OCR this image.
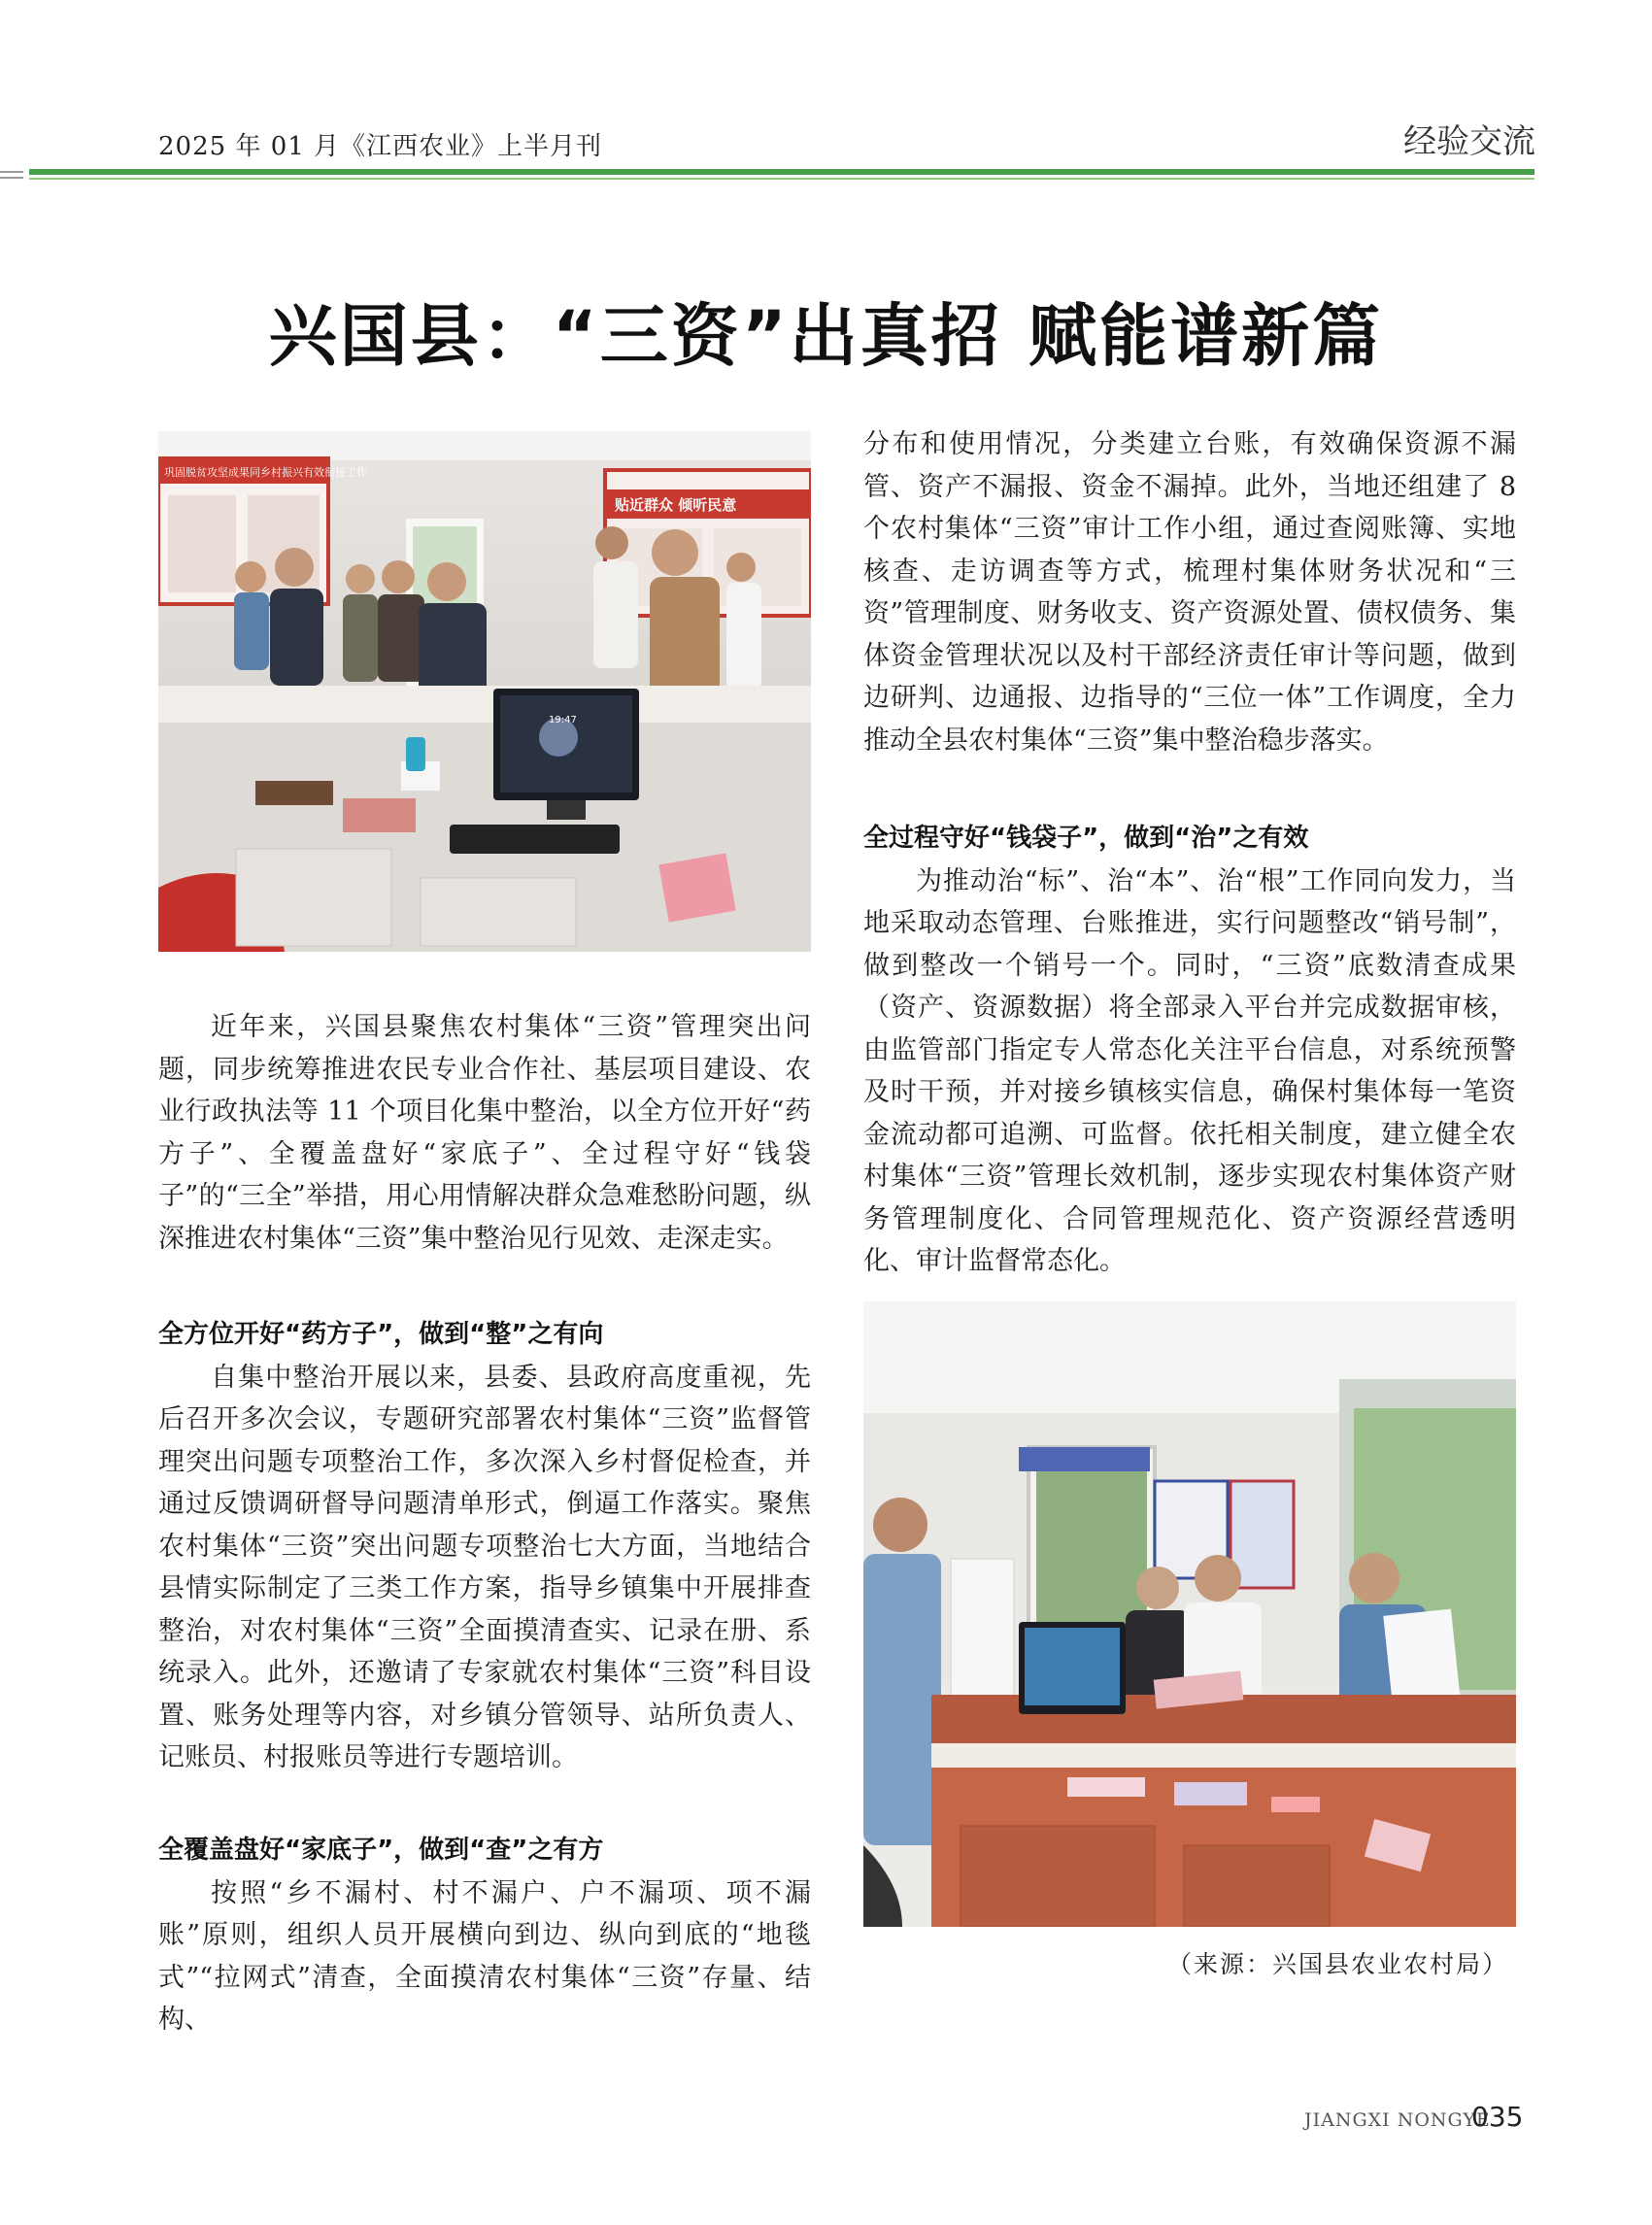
2025 年 01 月《江西农业》上半月刊	经验交流
兴国县：“三资”出真招 赋能谱新篇
巩固脱贫攻坚成果同乡村振兴有效衔接工作
贴近群众 倾听民意
19:47

近年来，兴国县聚焦农村集体“三资”管理突出问题，同步统筹推进农民专业合作社、基层项目建设、农业行政执法等 11 个项目化集中整治，以全方位开好“药方子”、全覆盖盘好“家底子”、全过程守好“钱袋子”的“三全”举措，用心用情解决群众急难愁盼问题，纵深推进农村集体“三资”集中整治见行见效、走深走实。

全方位开好“药方子”，做到“整”之有向

自集中整治开展以来，县委、县政府高度重视，先后召开多次会议，专题研究部署农村集体“三资”监督管理突出问题专项整治工作，多次深入乡村督促检查，并通过反馈调研督导问题清单形式，倒逼工作落实。聚焦农村集体“三资”突出问题专项整治七大方面，当地结合县情实际制定了三类工作方案，指导乡镇集中开展排查整治，对农村集体“三资”全面摸清查实、记录在册、系统录入。此外，还邀请了专家就农村集体“三资”科目设置、账务处理等内容，对乡镇分管领导、站所负责人、记账员、村报账员等进行专题培训。

全覆盖盘好“家底子”，做到“查”之有方

按照“乡不漏村、村不漏户、户不漏项、项不漏账”原则，组织人员开展横向到边、纵向到底的“地毯式”“拉网式”清查，全面摸清农村集体“三资”存量、结构、

分布和使用情况，分类建立台账，有效确保资源不漏管、资产不漏报、资金不漏掉。此外，当地还组建了 8 个农村集体“三资”审计工作小组，通过查阅账簿、实地核查、走访调查等方式，梳理村集体财务状况和“三资”管理制度、财务收支、资产资源处置、债权债务、集体资金管理状况以及村干部经济责任审计等问题，做到边研判、边通报、边指导的“三位一体”工作调度，全力推动全县农村集体“三资”集中整治稳步落实。

全过程守好“钱袋子”，做到“治”之有效

为推动治“标”、治“本”、治“根”工作同向发力，当地采取动态管理、台账推进，实行问题整改“销号制”，做到整改一个销号一个。同时，“三资”底数清查成果（资产、资源数据）将全部录入平台并完成数据审核，由监管部门指定专人常态化关注平台信息，对系统预警及时干预，并对接乡镇核实信息，确保村集体每一笔资金流动都可追溯、可监督。依托相关制度，建立健全农村集体“三资”管理长效机制，逐步实现农村集体资产财务管理制度化、合同管理规范化、资产资源经营透明化、审计监督常态化。

（来源：兴国县农业农村局）
JIANGXI NONGYE
035
